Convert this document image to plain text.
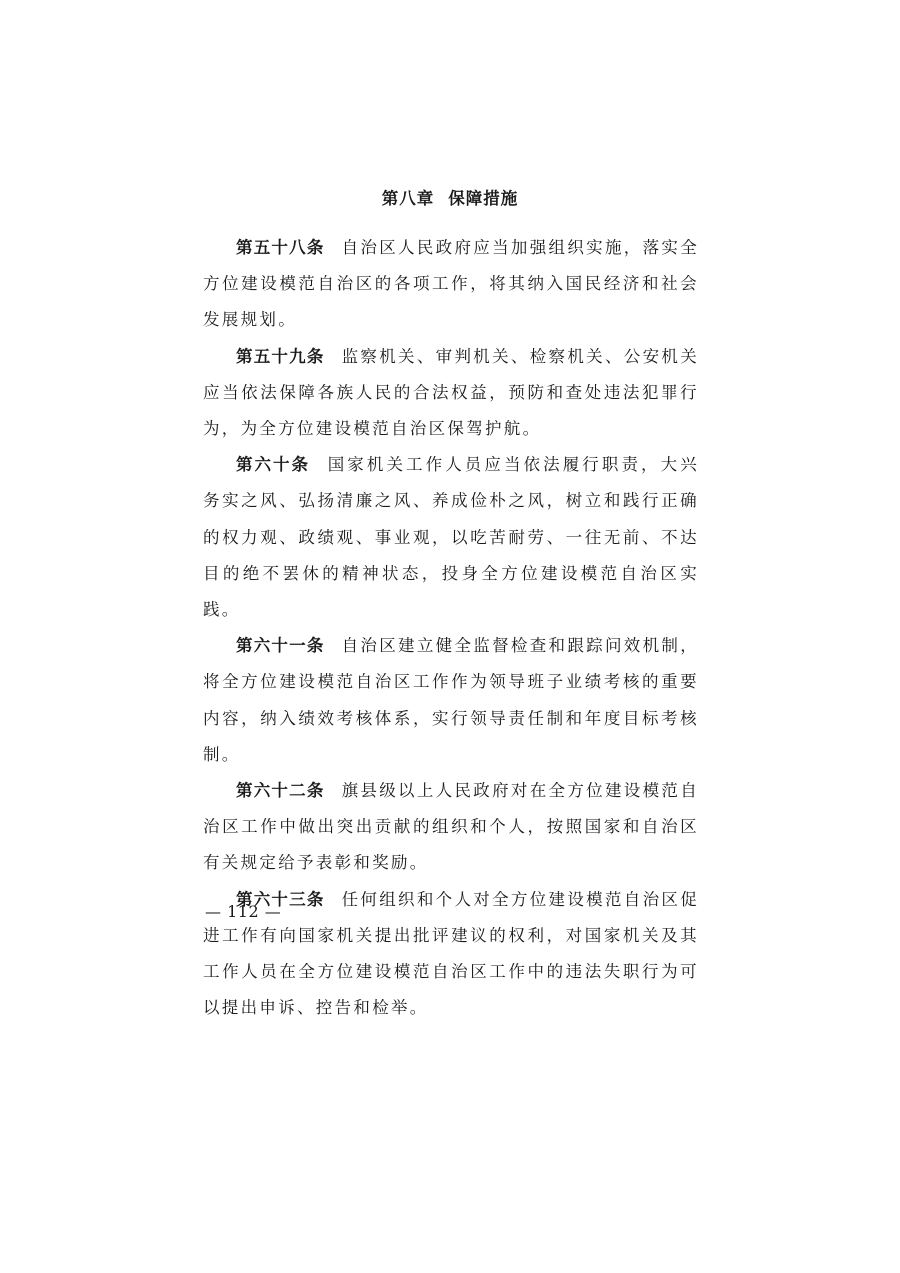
第八章 保障措施

第五十八条 自治区人民政府应当加强组织实施，落实全方位建设模范自治区的各项工作，将其纳入国民经济和社会发展规划。

第五十九条 监察机关、审判机关、检察机关、公安机关应当依法保障各族人民的合法权益，预防和查处违法犯罪行为，为全方位建设模范自治区保驾护航。

第六十条 国家机关工作人员应当依法履行职责，大兴务实之风、弘扬清廉之风、养成俭朴之风，树立和践行正确的权力观、政绩观、事业观，以吃苦耐劳、一往无前、不达目的绝不罢休的精神状态，投身全方位建设模范自治区实践。

第六十一条 自治区建立健全监督检查和跟踪问效机制，将全方位建设模范自治区工作作为领导班子业绩考核的重要内容，纳入绩效考核体系，实行领导责任制和年度目标考核制。

第六十二条 旗县级以上人民政府对在全方位建设模范自治区工作中做出突出贡献的组织和个人，按照国家和自治区有关规定给予表彰和奖励。

第六十三条 任何组织和个人对全方位建设模范自治区促进工作有向国家机关提出批评建议的权利，对国家机关及其工作人员在全方位建设模范自治区工作中的违法失职行为可以提出申诉、控告和检举。

— 112 —
